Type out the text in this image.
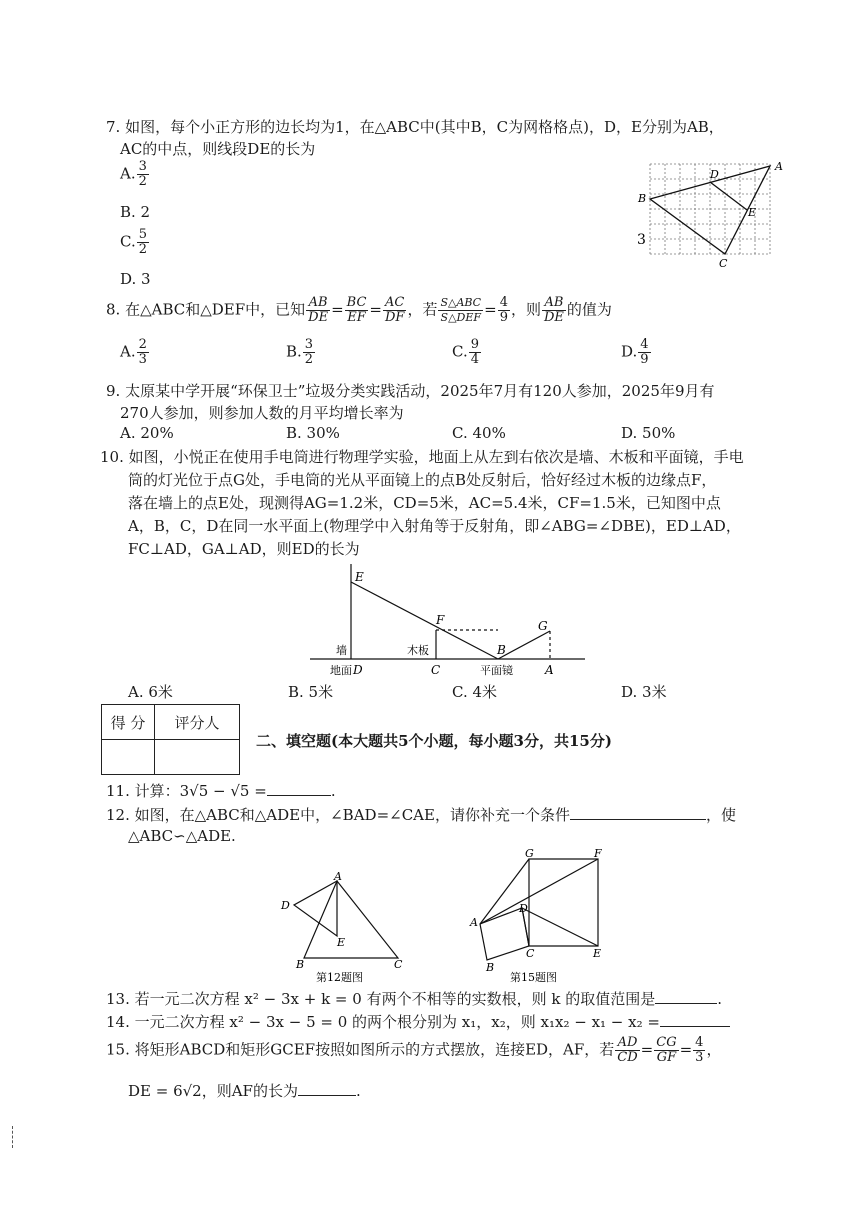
7. 如图，每个小正方形的边长均为1，在△ABC中(其中B，C为网格格点)，D，E分别为AB，
AC的中点，则线段DE的长为
A. $\frac{3}{2}$
B. 2
C. $\frac{5}{2}$
D. 3
A
B
C
D
E
3
8. 在△ABC和△DEF中，已知 $\frac{AB}{DE} = \frac{BC}{EF} = \frac{AC}{DF}$ ，若 $\frac{\text{S△ABC}}{\text{S△DEF}} = \frac{4}{9}$ ，则 $\frac{AB}{DE}$ 的值为
A. $\frac{2}{3}$	B. $\frac{3}{2}$	C. $\frac{9}{4}$	D. $\frac{4}{9}$
9. 太原某中学开展“环保卫士”垃圾分类实践活动，2025年7月有120人参加，2025年9月有
270人参加，则参加人数的月平均增长率为
A. 20%	B. 30%	C. 40%	D. 50%
10. 如图，小悦正在使用手电筒进行物理学实验，地面上从左到右依次是墙、木板和平面镜，手电
筒的灯光位于点G处，手电筒的光从平面镜上的点B处反射后，恰好经过木板的边缘点F，
落在墙上的点E处，现测得AG=1.2米，CD=5米，AC=5.4米，CF=1.5米，已知图中点
A，B，C，D在同一水平面上(物理学中入射角等于反射角，即∠ABG=∠DBE)，ED⊥AD，
FC⊥AD，GA⊥AD，则ED的长为
E
F	G
B
墙	木板
地面 D	C	平面镜	A
A. 6米	B. 5米	C. 4米	D. 3米
得 分	评分人

二、填空题(本大题共5个小题，每小题3分，共15分)
11. 计算：3√5 − √5 =	.
12. 如图，在△ABC和△ADE中，∠BAD=∠CAE，请你补充一个条件	，使
△ABC∽△ADE.
A
B	C
D
E
第12题图
G	F
A
D
C	E
B
第15题图
13. 若一元二次方程 x² − 3x + k = 0 有两个不相等的实数根，则 k 的取值范围是	.
14. 一元二次方程 x² − 3x − 5 = 0 的两个根分别为 x₁，x₂，则 x₁x₂ − x₁ − x₂ =
15. 将矩形ABCD和矩形GCEF按照如图所示的方式摆放，连接ED，AF，若 $\frac{AD}{CD} = \frac{CG}{GF} = \frac{4}{3}$ ，
DE = 6√2，则AF的长为	.
